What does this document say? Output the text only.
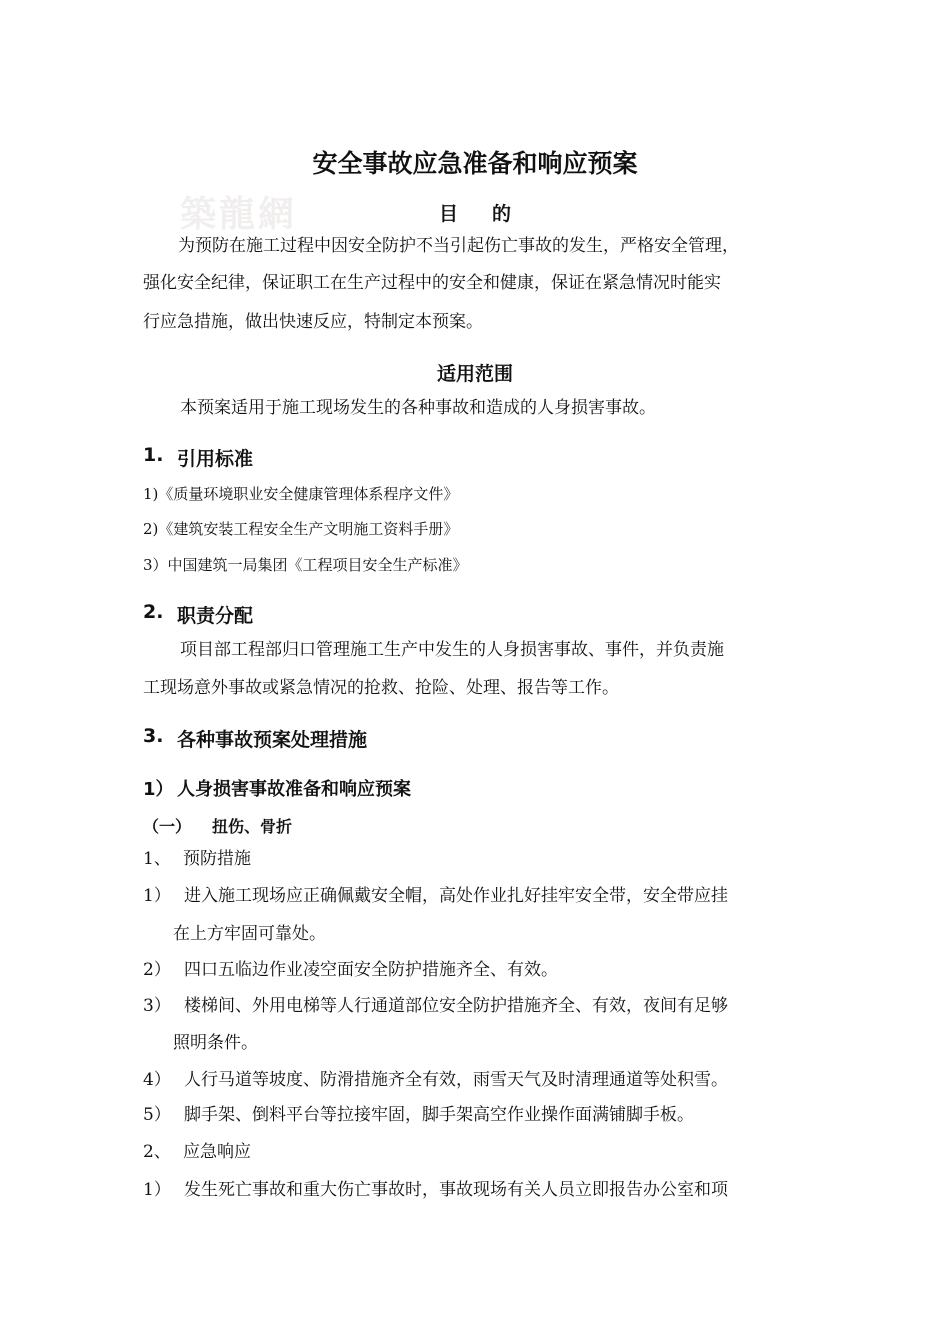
築龍網
安全事故应急准备和响应预案
目的
为预防在施工过程中因安全防护不当引起伤亡事故的发生，严格安全管理，
强化安全纪律，保证职工在生产过程中的安全和健康，保证在紧急情况时能实
行应急措施，做出快速反应，特制定本预案。
适用范围
本预案适用于施工现场发生的各种事故和造成的人身损害事故。
1. 引用标准
1)《质量环境职业安全健康管理体系程序文件》
2)《建筑安装工程安全生产文明施工资料手册》
3）中国建筑一局集团《工程项目安全生产标准》
2. 职责分配
项目部工程部归口管理施工生产中发生的人身损害事故、事件，并负责施
工现场意外事故或紧急情况的抢救、抢险、处理、报告等工作。
3. 各种事故预案处理措施
1） 人身损害事故准备和响应预案
（一） 扭伤、骨折
1、 预防措施
1） 进入施工现场应正确佩戴安全帽，高处作业扎好挂牢安全带，安全带应挂
在上方牢固可靠处。
2） 四口五临边作业凌空面安全防护措施齐全、有效。
3） 楼梯间、外用电梯等人行通道部位安全防护措施齐全、有效，夜间有足够
照明条件。
4） 人行马道等坡度、防滑措施齐全有效，雨雪天气及时清理通道等处积雪。
5） 脚手架、倒料平台等拉接牢固，脚手架高空作业操作面满铺脚手板。
2、 应急响应
1） 发生死亡事故和重大伤亡事故时，事故现场有关人员立即报告办公室和项
